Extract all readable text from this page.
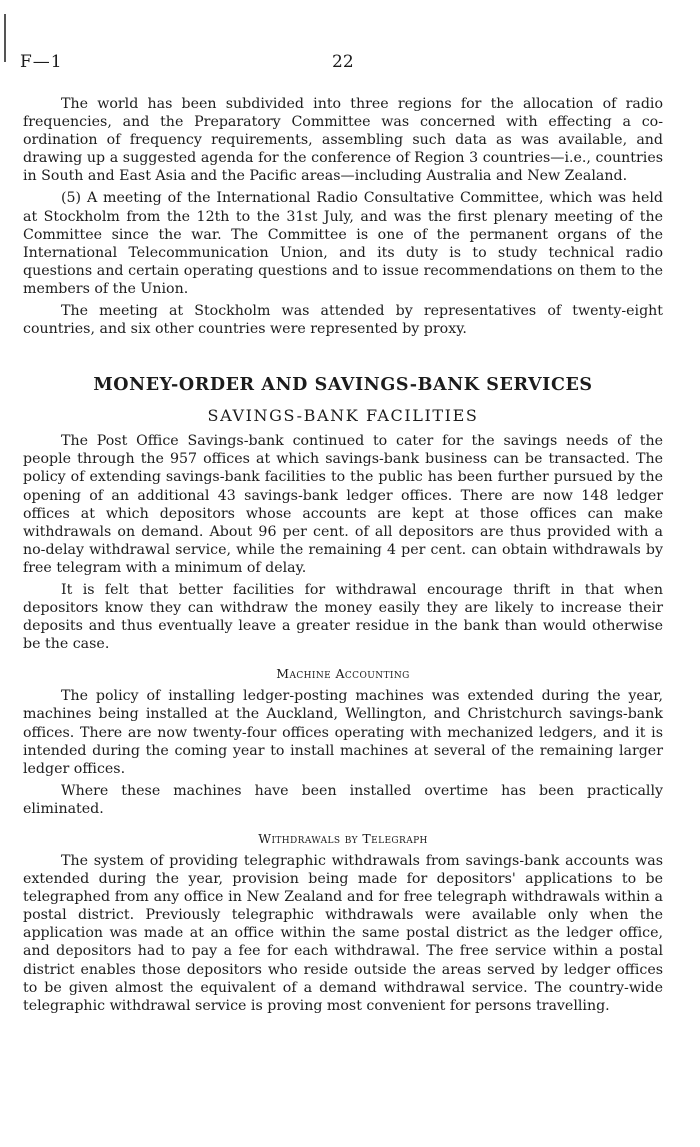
F—1	22

The world has been subdivided into three regions for the allocation of radio frequencies, and the Preparatory Committee was concerned with effecting a co-ordination of frequency requirements, assembling such data as was available, and drawing up a suggested agenda for the conference of Region 3 countries—i.e., countries in South and East Asia and the Pacific areas—including Australia and New Zealand.

(5) A meeting of the International Radio Consultative Committee, which was held at Stockholm from the 12th to the 31st July, and was the first plenary meeting of the Committee since the war. The Committee is one of the permanent organs of the International Telecommunication Union, and its duty is to study technical radio questions and certain operating questions and to issue recommendations on them to the members of the Union.

The meeting at Stockholm was attended by representatives of twenty-eight countries, and six other countries were represented by proxy.

MONEY-ORDER AND SAVINGS-BANK SERVICES
SAVINGS-BANK FACILITIES

The Post Office Savings-bank continued to cater for the savings needs of the people through the 957 offices at which savings-bank business can be transacted. The policy of extending savings-bank facilities to the public has been further pursued by the opening of an additional 43 savings-bank ledger offices. There are now 148 ledger offices at which depositors whose accounts are kept at those offices can make withdrawals on demand. About 96 per cent. of all depositors are thus provided with a no-delay withdrawal service, while the remaining 4 per cent. can obtain withdrawals by free telegram with a minimum of delay.

It is felt that better facilities for withdrawal encourage thrift in that when depositors know they can withdraw the money easily they are likely to increase their deposits and thus eventually leave a greater residue in the bank than would otherwise be the case.

Machine Accounting

The policy of installing ledger-posting machines was extended during the year, machines being installed at the Auckland, Wellington, and Christchurch savings-bank offices. There are now twenty-four offices operating with mechanized ledgers, and it is intended during the coming year to install machines at several of the remaining larger ledger offices.

Where these machines have been installed overtime has been practically eliminated.

Withdrawals by Telegraph

The system of providing telegraphic withdrawals from savings-bank accounts was extended during the year, provision being made for depositors' applications to be telegraphed from any office in New Zealand and for free telegraph withdrawals within a postal district. Previously telegraphic withdrawals were available only when the application was made at an office within the same postal district as the ledger office, and depositors had to pay a fee for each withdrawal. The free service within a postal district enables those depositors who reside outside the areas served by ledger offices to be given almost the equivalent of a demand withdrawal service. The country-wide telegraphic withdrawal service is proving most convenient for persons travelling.
